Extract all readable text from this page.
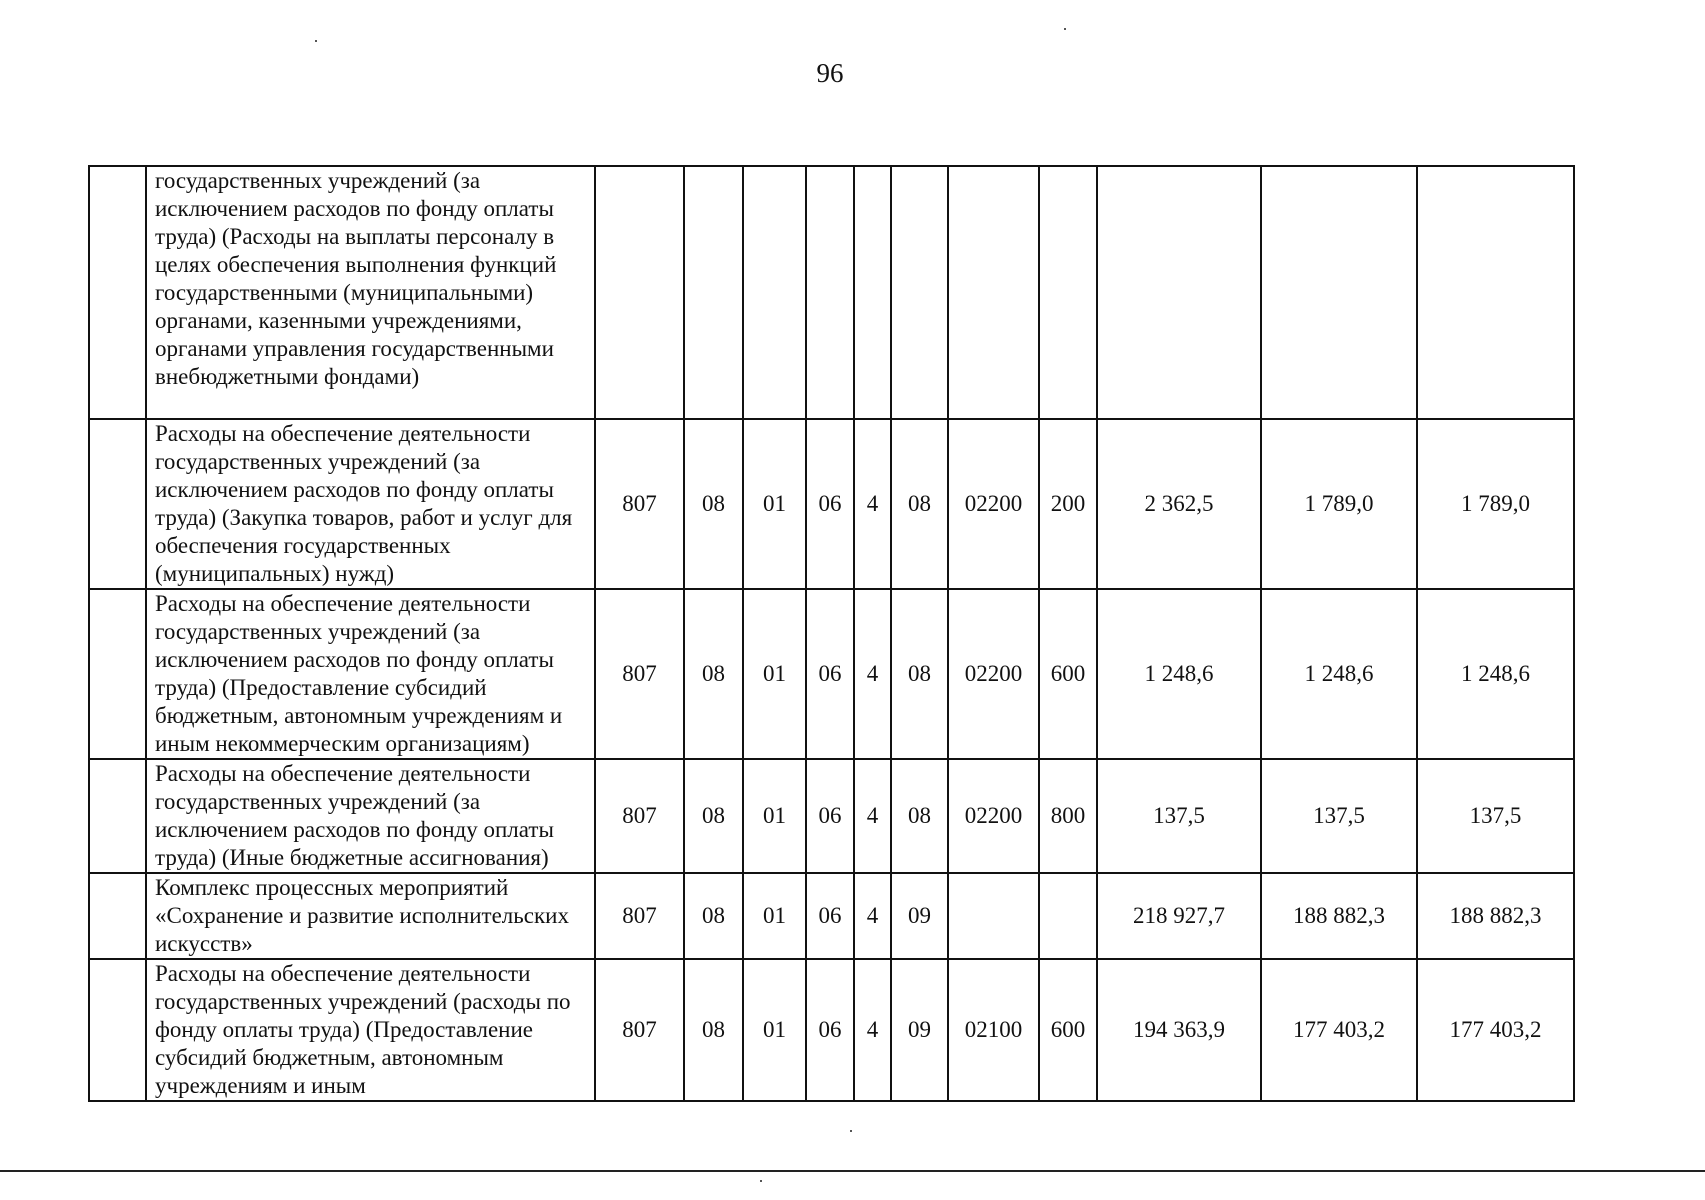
96
	государственных учреждений (за исключением расходов по фонду оплаты труда) (Расходы на выплаты персоналу в целях обеспечения выполнения функций государственными (муниципальными) органами, казенными учреждениями, органами управления государственными внебюджетными фондами)											
	Расходы на обеспечение деятельности государственных учреждений (за исключением расходов по фонду оплаты труда) (Закупка товаров, работ и услуг для обеспечения государственных (муниципальных) нужд)	807	08	01	06	4	08	02200	200	2 362,5	1 789,0	1 789,0
	Расходы на обеспечение деятельности государственных учреждений (за исключением расходов по фонду оплаты труда) (Предоставление субсидий бюджетным, автономным учреждениям и иным некоммерческим организациям)	807	08	01	06	4	08	02200	600	1 248,6	1 248,6	1 248,6
	Расходы на обеспечение деятельности государственных учреждений (за исключением расходов по фонду оплаты труда) (Иные бюджетные ассигнования)	807	08	01	06	4	08	02200	800	137,5	137,5	137,5
	Комплекс процессных мероприятий «Сохранение и развитие исполнительских искусств»	807	08	01	06	4	09			218 927,7	188 882,3	188 882,3
	Расходы на обеспечение деятельности государственных учреждений (расходы по фонду оплаты труда) (Предоставление субсидий бюджетным, автономным учреждениям и иным	807	08	01	06	4	09	02100	600	194 363,9	177 403,2	177 403,2
